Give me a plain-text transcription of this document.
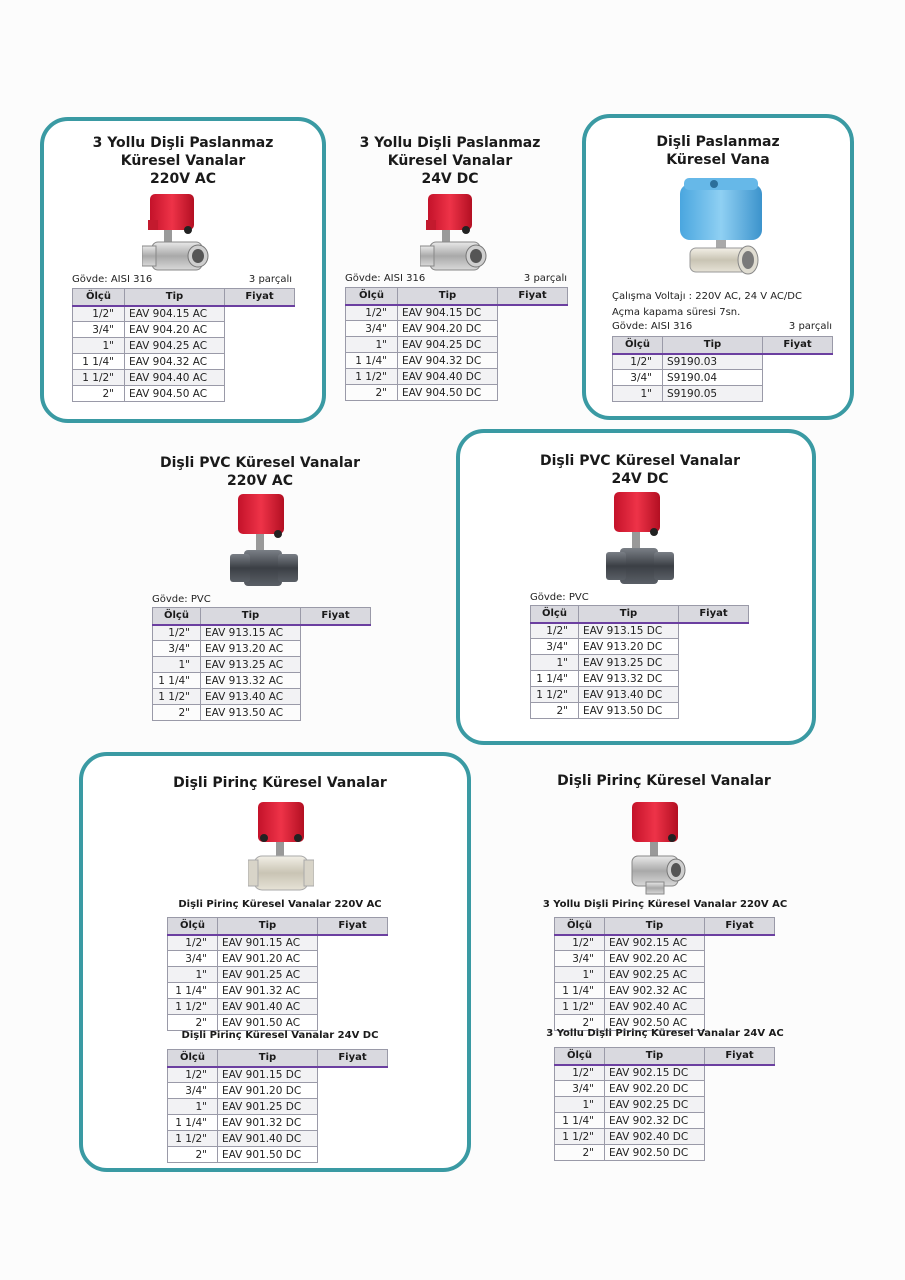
3 Yollu Dişli Paslanmaz
Küresel Vanalar
220V AC
Gövde: AISI 316	3 parçalı
Ölçü	Tip	Fiyat
1/2"	EAV 904.15 AC	
3/4"	EAV 904.20 AC	
1"	EAV 904.25 AC	
1 1/4"	EAV 904.32 AC	
1 1/2"	EAV 904.40 AC	
2"	EAV 904.50 AC	
3 Yollu Dişli Paslanmaz
Küresel Vanalar
24V DC
Gövde: AISI 316	3 parçalı
Ölçü	Tip	Fiyat
1/2"	EAV 904.15 DC	
3/4"	EAV 904.20 DC	
1"	EAV 904.25 DC	
1 1/4"	EAV 904.32 DC	
1 1/2"	EAV 904.40 DC	
2"	EAV 904.50 DC	
Dişli Paslanmaz
Küresel Vana
Çalışma Voltajı : 220V AC, 24 V AC/DC
Açma kapama süresi 7sn.
Gövde: AISI 316	3 parçalı
Ölçü	Tip	Fiyat
1/2"	S9190.03	
3/4"	S9190.04	
1"	S9190.05	
Dişli PVC Küresel Vanalar
220V AC
Gövde: PVC
Ölçü	Tip	Fiyat
1/2"	EAV 913.15 AC	
3/4"	EAV 913.20 AC	
1"	EAV 913.25 AC	
1 1/4"	EAV 913.32 AC	
1 1/2"	EAV 913.40 AC	
2"	EAV 913.50 AC	
Dişli PVC Küresel Vanalar
24V DC
Gövde: PVC
Ölçü	Tip	Fiyat
1/2"	EAV 913.15 DC	
3/4"	EAV 913.20 DC	
1"	EAV 913.25 DC	
1 1/4"	EAV 913.32 DC	
1 1/2"	EAV 913.40 DC	
2"	EAV 913.50 DC	
Dişli Pirinç Küresel Vanalar
Dişli Pirinç Küresel Vanalar 220V AC
Ölçü	Tip	Fiyat
1/2"	EAV 901.15 AC	
3/4"	EAV 901.20 AC	
1"	EAV 901.25 AC	
1 1/4"	EAV 901.32 AC	
1 1/2"	EAV 901.40 AC	
2"	EAV 901.50 AC	
Dişli Pirinç Küresel Vanalar 24V DC
Ölçü	Tip	Fiyat
1/2"	EAV 901.15 DC	
3/4"	EAV 901.20 DC	
1"	EAV 901.25 DC	
1 1/4"	EAV 901.32 DC	
1 1/2"	EAV 901.40 DC	
2"	EAV 901.50 DC	
Dişli Pirinç Küresel Vanalar
3 Yollu Dişli Pirinç Küresel Vanalar 220V AC
Ölçü	Tip	Fiyat
1/2"	EAV 902.15 AC	
3/4"	EAV 902.20 AC	
1"	EAV 902.25 AC	
1 1/4"	EAV 902.32 AC	
1 1/2"	EAV 902.40 AC	
2"	EAV 902.50 AC	
3 Yollu Dişli Pirinç Küresel Vanalar 24V AC
Ölçü	Tip	Fiyat
1/2"	EAV 902.15 DC	
3/4"	EAV 902.20 DC	
1"	EAV 902.25 DC	
1 1/4"	EAV 902.32 DC	
1 1/2"	EAV 902.40 DC	
2"	EAV 902.50 DC	
